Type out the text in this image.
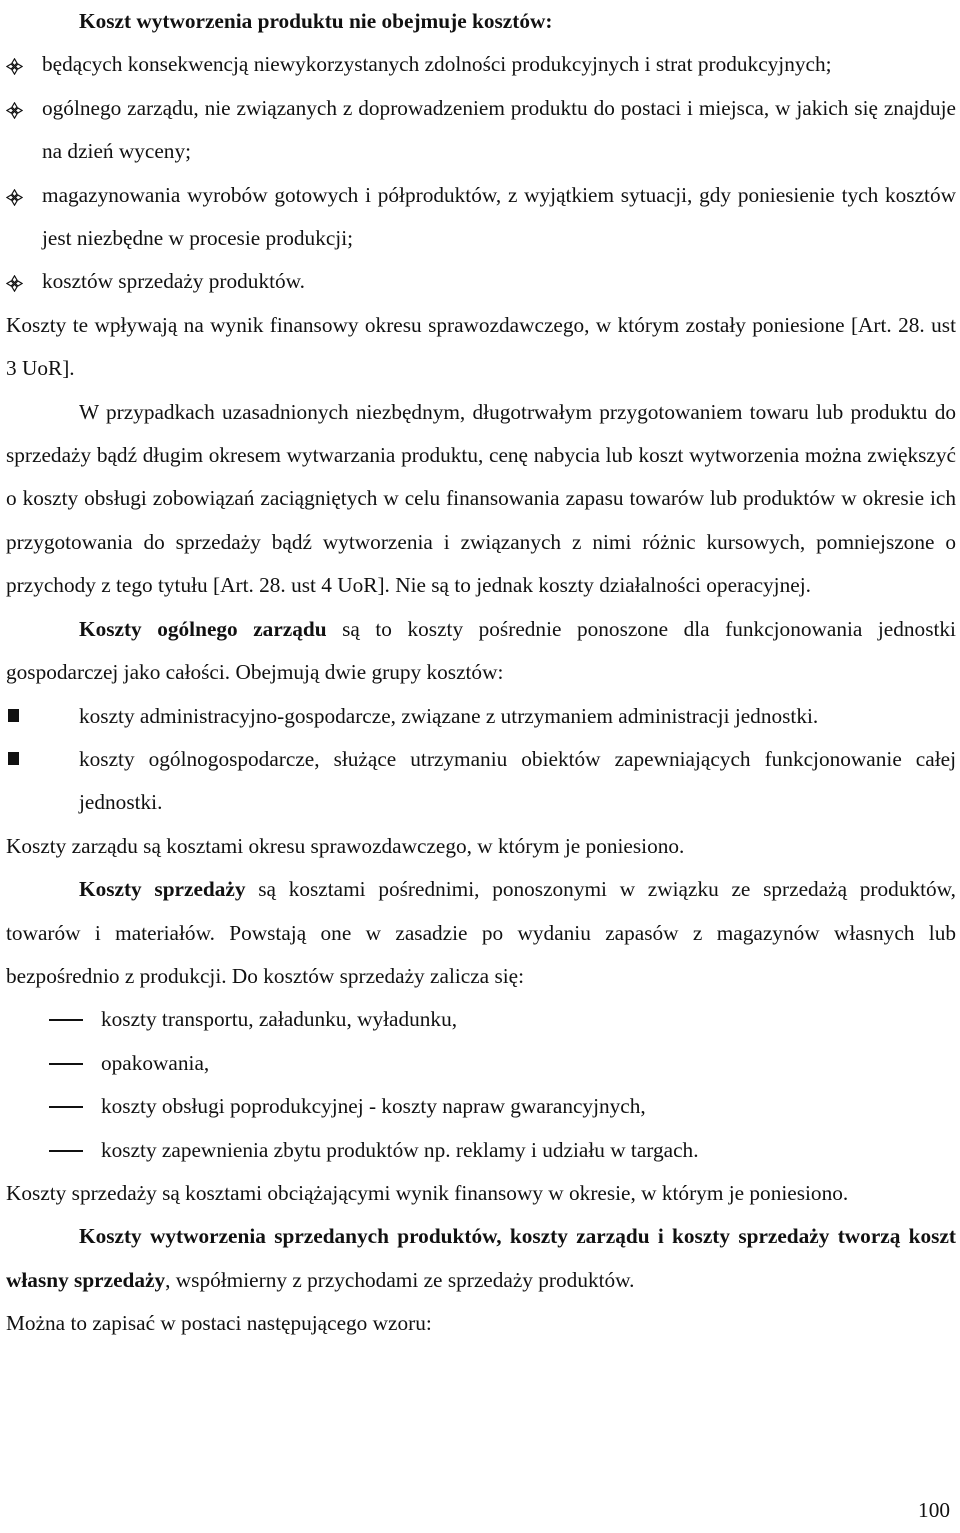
Koszt wytworzenia produktu nie obejmuje kosztów:
będących konsekwencją niewykorzystanych zdolności produkcyjnych i strat produkcyjnych;
ogólnego zarządu, nie związanych z doprowadzeniem produktu do postaci i miejsca, w jakich się znajduje na dzień wyceny;
magazynowania wyrobów gotowych i półproduktów, z wyjątkiem sytuacji, gdy poniesienie tych kosztów jest niezbędne w procesie produkcji;
kosztów sprzedaży produktów.
Koszty te wpływają na wynik finansowy okresu sprawozdawczego, w którym zostały poniesione [Art. 28. ust 3 UoR].
W przypadkach uzasadnionych niezbędnym, długotrwałym przygotowaniem towaru lub produktu do sprzedaży bądź długim okresem wytwarzania produktu, cenę nabycia lub koszt wytworzenia można zwiększyć o koszty obsługi zobowiązań zaciągniętych w celu finansowania zapasu towarów lub produktów w okresie ich przygotowania do sprzedaży bądź wytworzenia i związanych z nimi różnic kursowych, pomniejszone o przychody z tego tytułu [Art. 28. ust 4 UoR]. Nie są to jednak koszty działalności operacyjnej.
Koszty ogólnego zarządu są to koszty pośrednie ponoszone dla funkcjonowania jednostki gospodarczej jako całości. Obejmują dwie grupy kosztów:
koszty administracyjno-gospodarcze, związane z utrzymaniem administracji jednostki.
koszty ogólnogospodarcze, służące utrzymaniu obiektów zapewniających funkcjonowanie całej jednostki.
Koszty zarządu są kosztami okresu sprawozdawczego, w którym je poniesiono.
Koszty sprzedaży są kosztami pośrednimi, ponoszonymi w związku ze sprzedażą produktów, towarów i materiałów. Powstają one w zasadzie po wydaniu zapasów z magazynów własnych lub bezpośrednio z produkcji. Do kosztów sprzedaży zalicza się:
koszty transportu, załadunku, wyładunku,
opakowania,
koszty obsługi poprodukcyjnej - koszty napraw gwarancyjnych,
koszty zapewnienia zbytu produktów np. reklamy i udziału w targach.
Koszty sprzedaży są kosztami obciążającymi wynik finansowy w okresie, w którym je poniesiono.
Koszty wytworzenia sprzedanych produktów, koszty zarządu i koszty sprzedaży tworzą koszt własny sprzedaży, współmierny z przychodami ze sprzedaży produktów.
Można to zapisać w postaci następującego wzoru:
100
